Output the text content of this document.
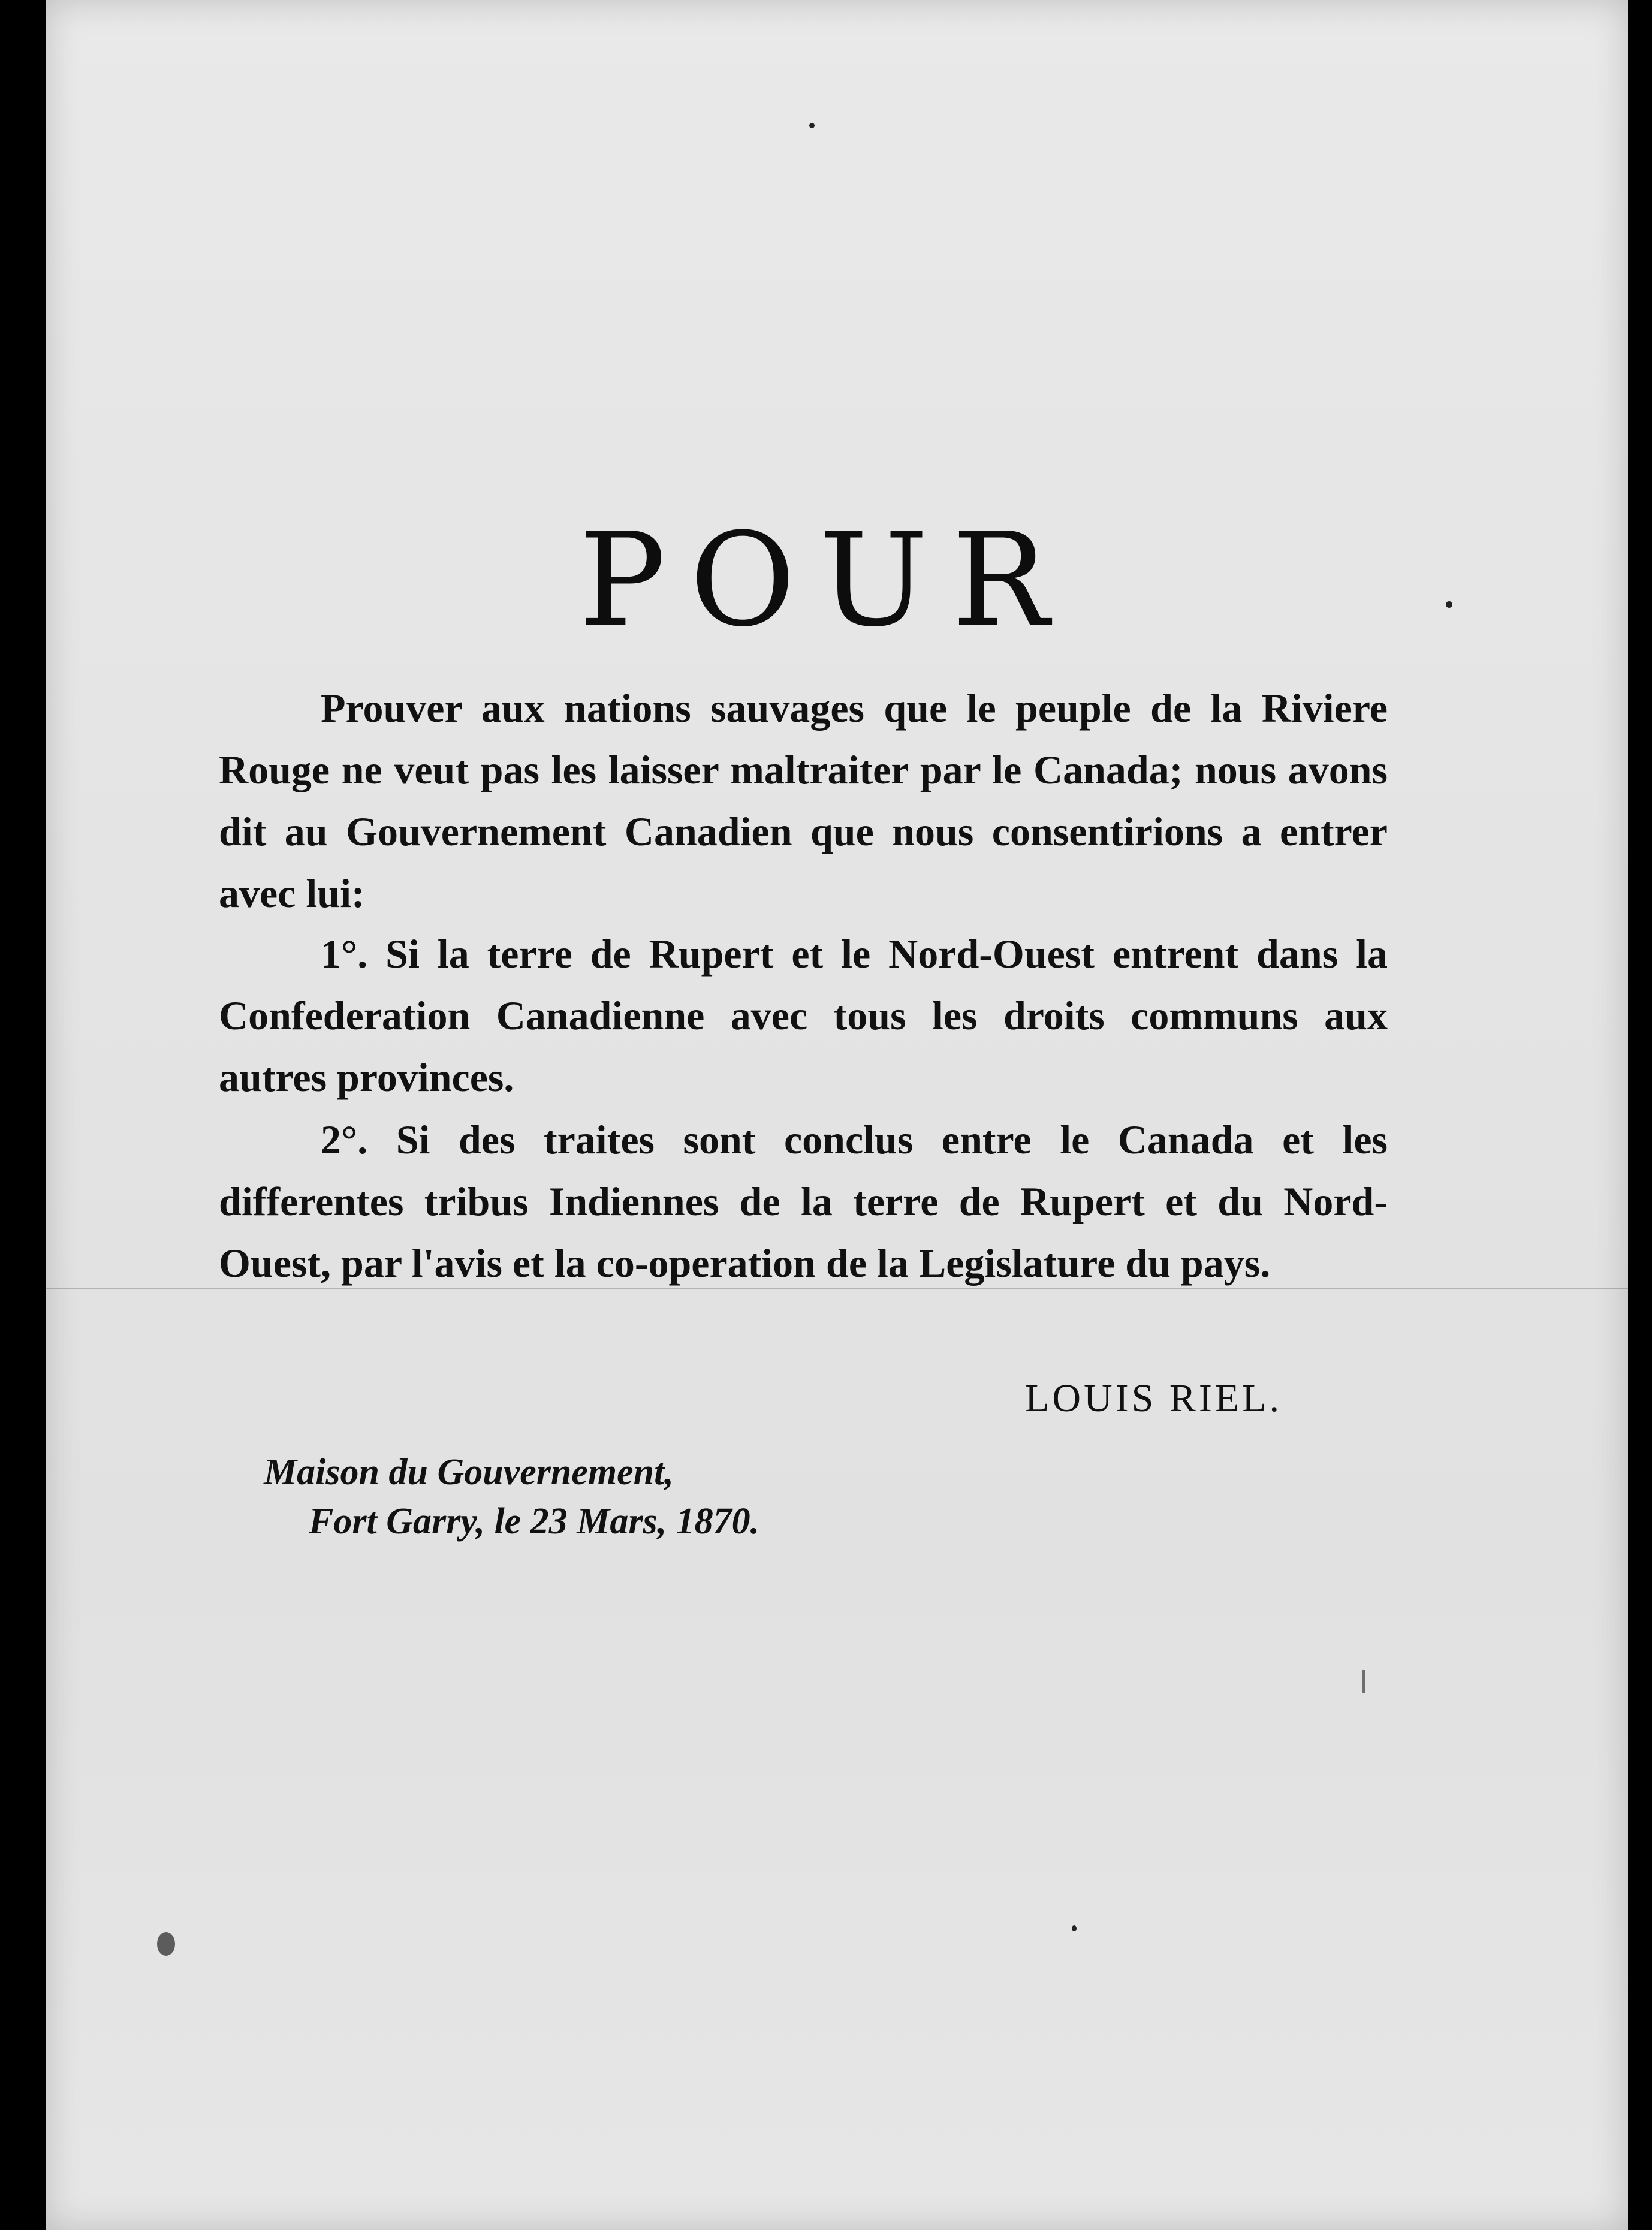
POUR
Prouver aux nations sauvages que le peuple de la Riviere Rouge ne veut pas les laisser maltraiter par le Canada; nous avons dit au Gouvernement Canadien que nous consentirions a entrer avec lui:
1°. Si la terre de Rupert et le Nord-Ouest entrent dans la Confederation Canadienne avec tous les droits communs aux autres provinces.
2°. Si des traites sont conclus entre le Canada et les differentes tribus Indiennes de la terre de Rupert et du Nord-Ouest, par l'avis et la co-operation de la Legislature du pays.
LOUIS RIEL.
Maison du Gouvernement,
Fort Garry, le 23 Mars, 1870.
